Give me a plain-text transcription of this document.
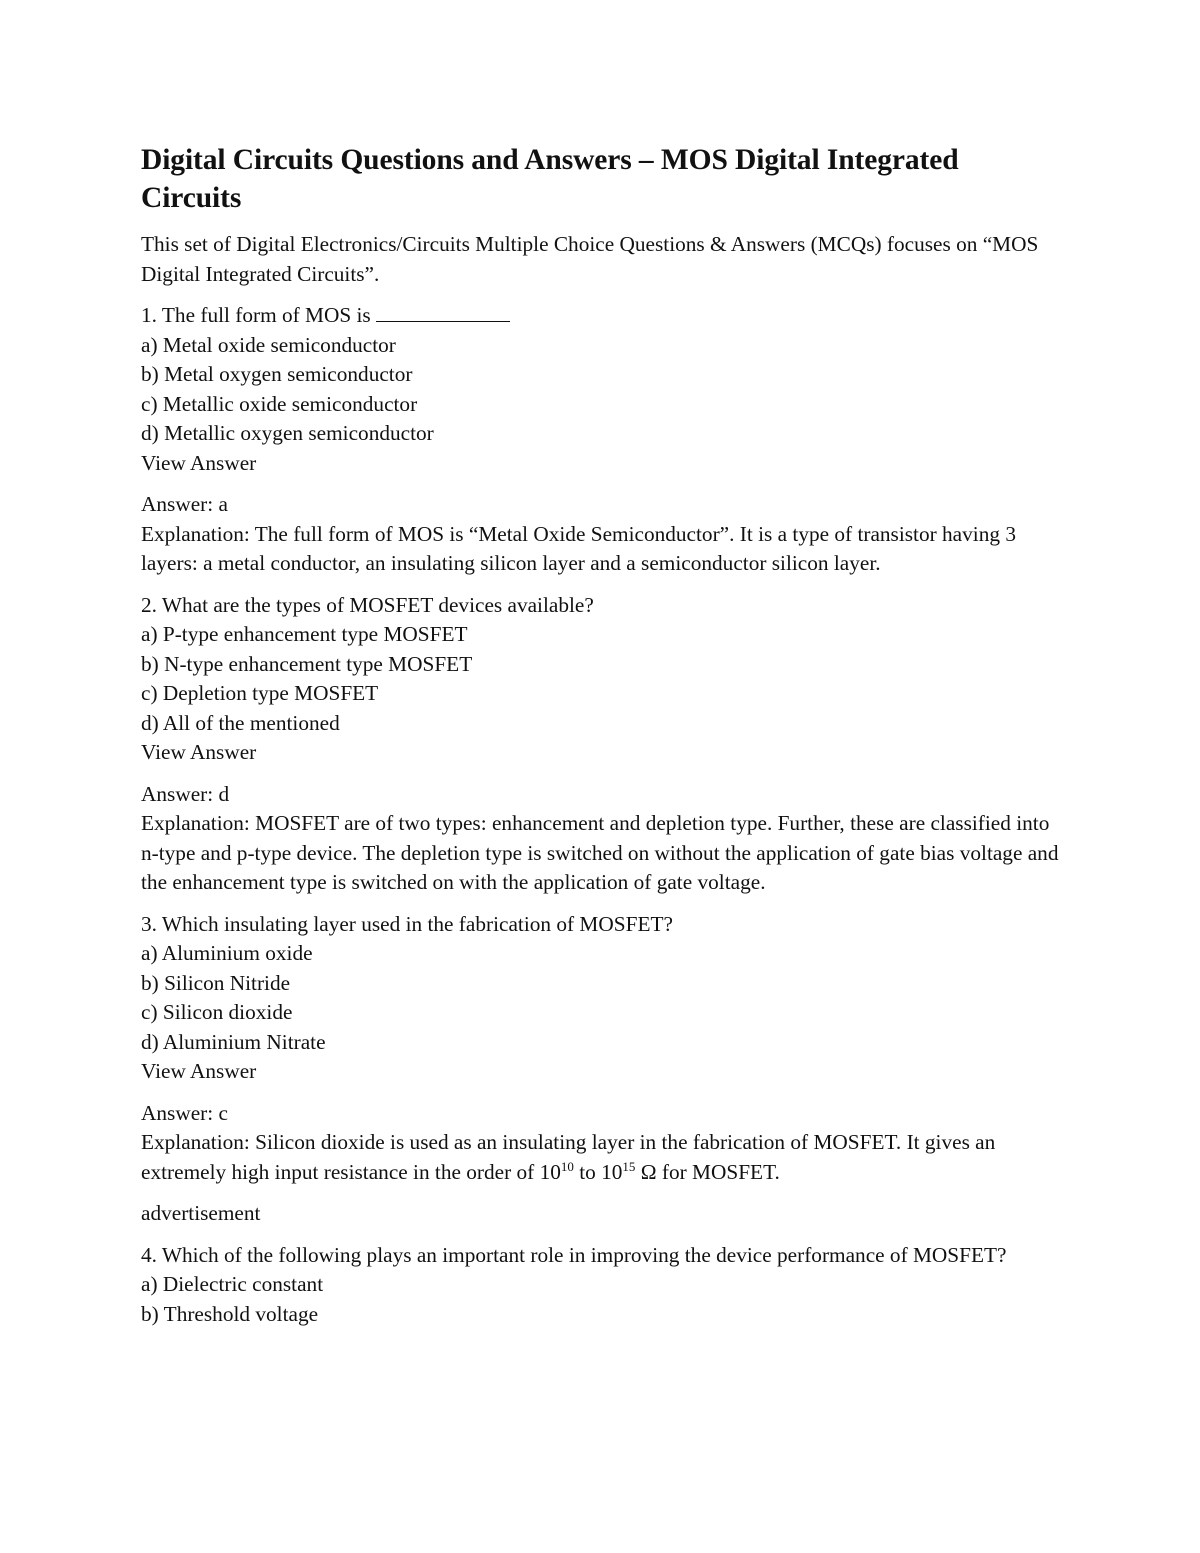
Digital Circuits Questions and Answers – MOS Digital Integrated Circuits

This set of Digital Electronics/Circuits Multiple Choice Questions & Answers (MCQs) focuses on “MOS Digital Integrated Circuits”.

1. The full form of MOS is
a) Metal oxide semiconductor
b) Metal oxygen semiconductor
c) Metallic oxide semiconductor
d) Metallic oxygen semiconductor
View Answer
Answer: a
Explanation: The full form of MOS is “Metal Oxide Semiconductor”. It is a type of transistor having 3 layers: a metal conductor, an insulating silicon layer and a semiconductor silicon layer.
2. What are the types of MOSFET devices available?
a) P-type enhancement type MOSFET
b) N-type enhancement type MOSFET
c) Depletion type MOSFET
d) All of the mentioned
View Answer
Answer: d
Explanation: MOSFET are of two types: enhancement and depletion type. Further, these are classified into n-type and p-type device. The depletion type is switched on without the application of gate bias voltage and the enhancement type is switched on with the application of gate voltage.
3. Which insulating layer used in the fabrication of MOSFET?
a) Aluminium oxide
b) Silicon Nitride
c) Silicon dioxide
d) Aluminium Nitrate
View Answer
Answer: c
Explanation: Silicon dioxide is used as an insulating layer in the fabrication of MOSFET. It gives an extremely high input resistance in the order of $10^{10}$ to $10^{15}$ Ω for MOSFET.

advertisement

4. Which of the following plays an important role in improving the device performance of MOSFET?
a) Dielectric constant
b) Threshold voltage
